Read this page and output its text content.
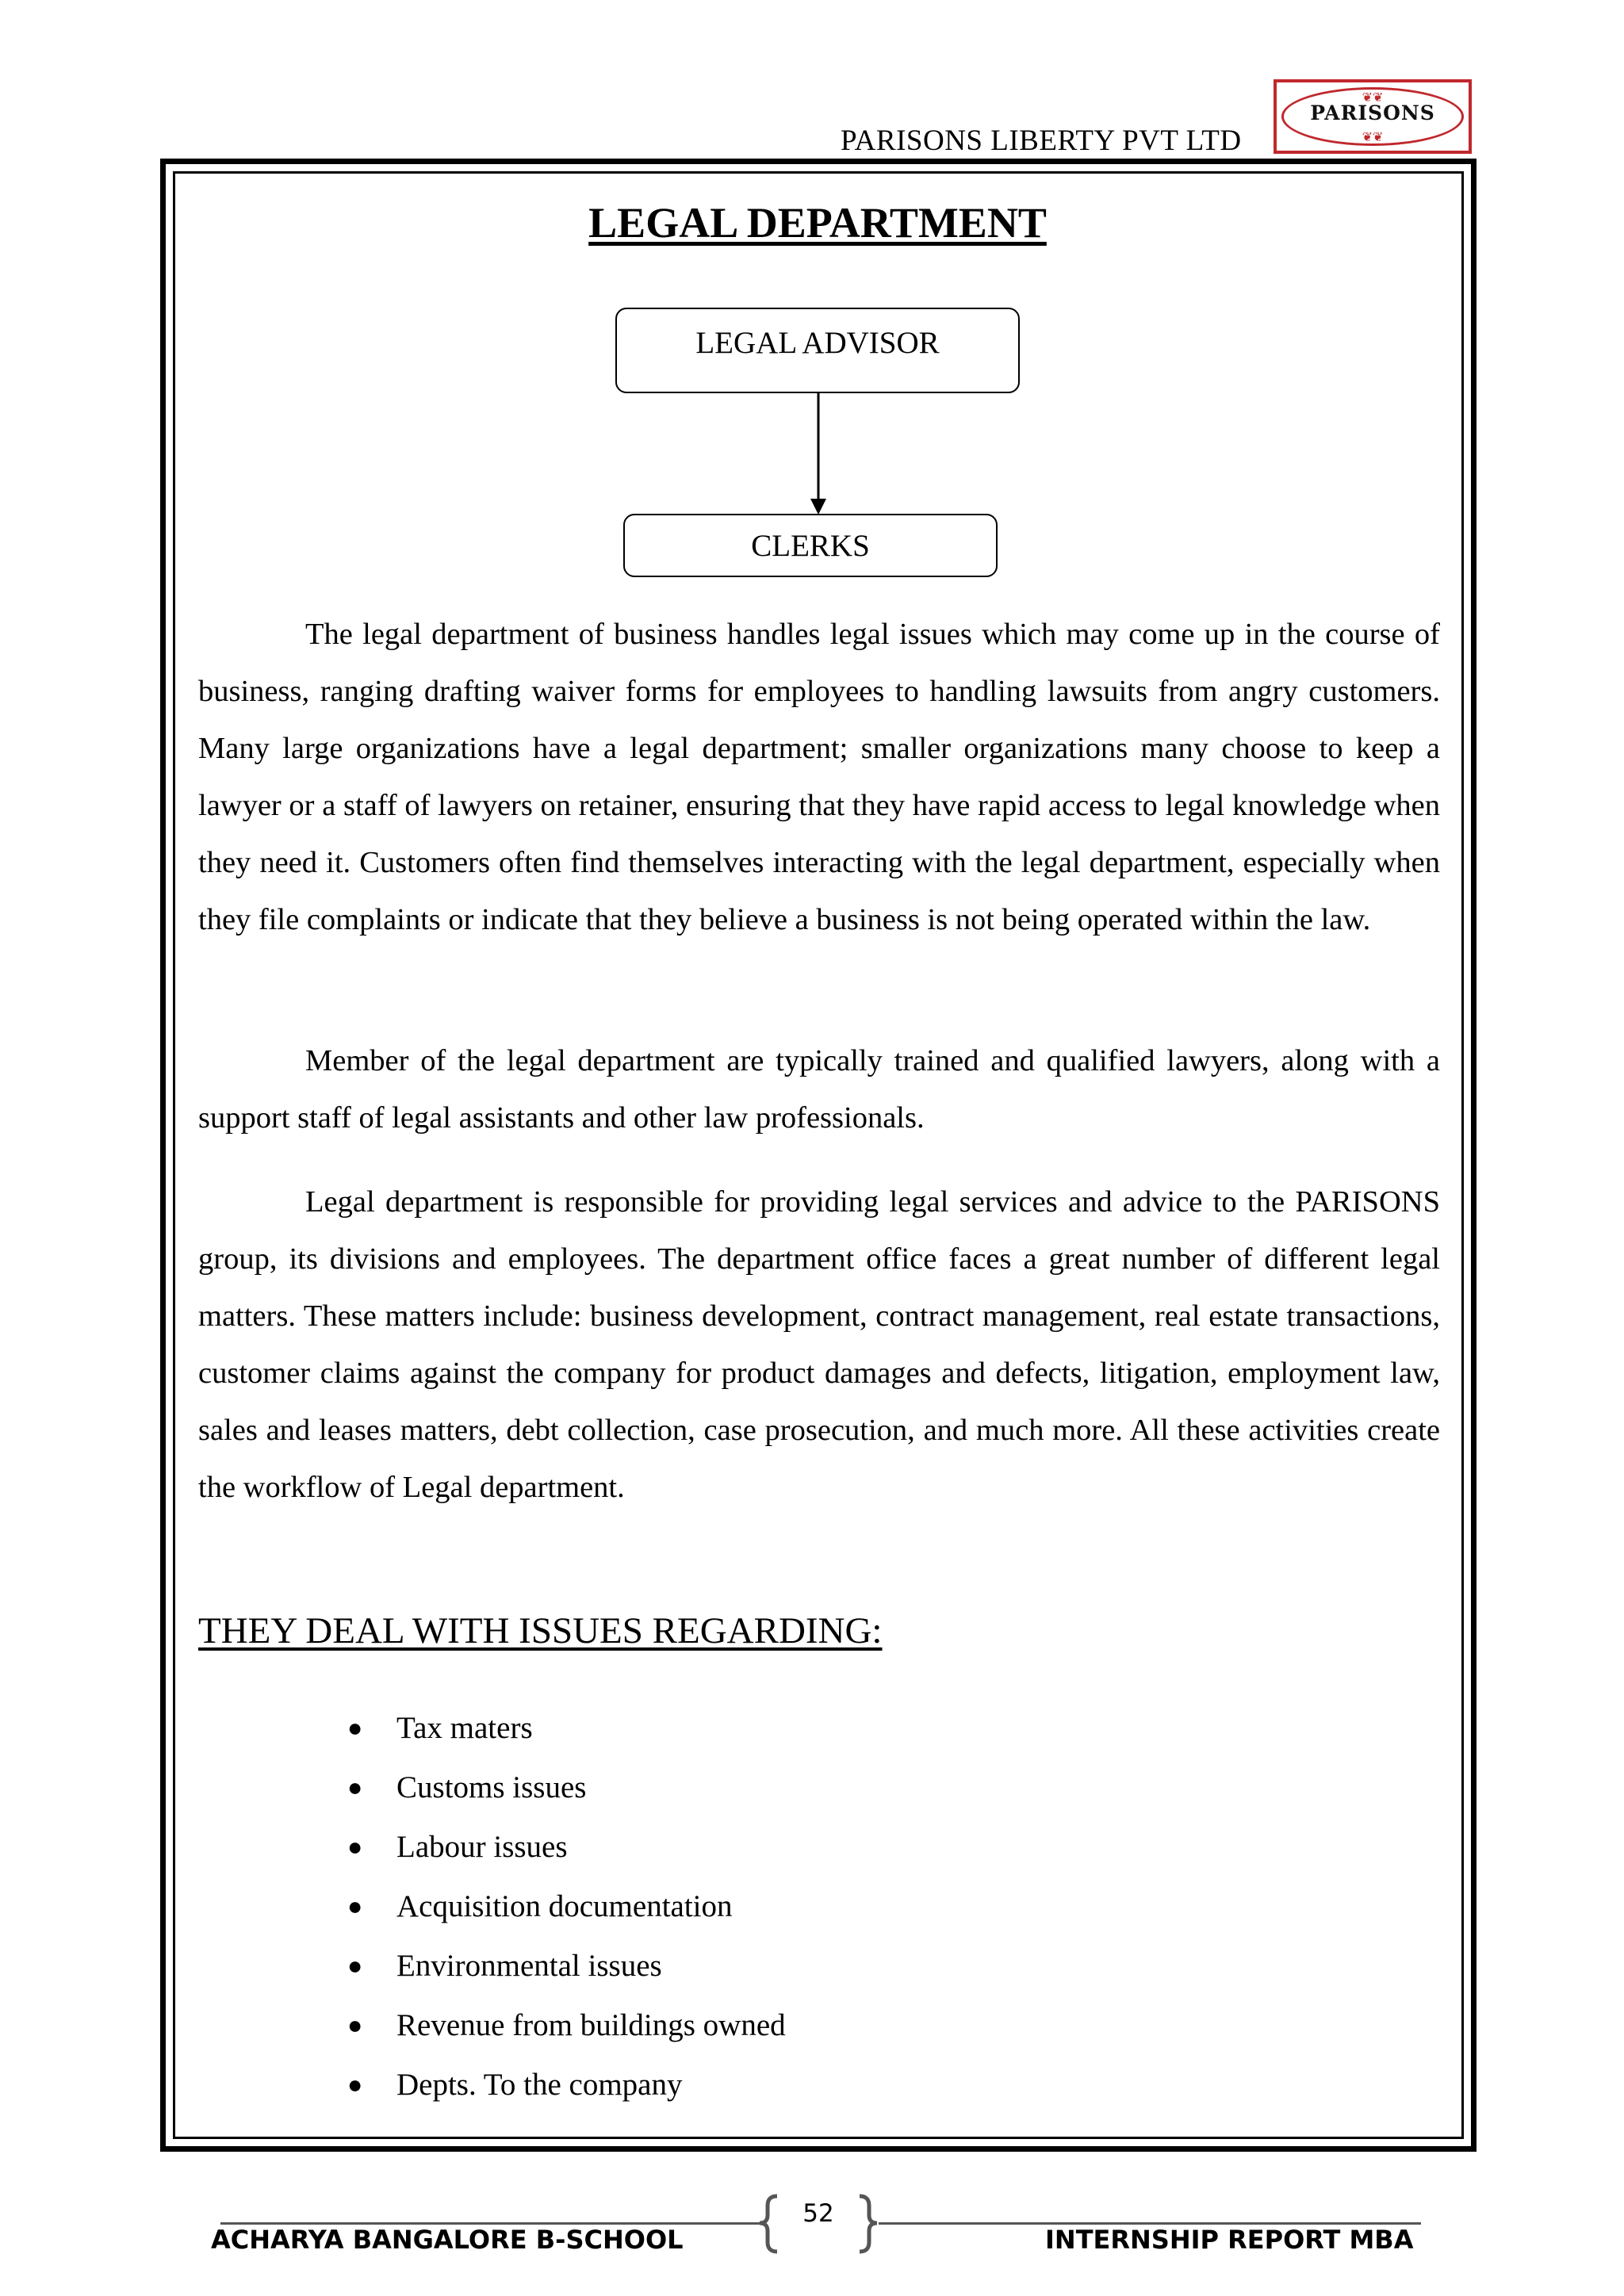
PARISONS LIBERTY PVT LTD
❦❦
PARISONS
❦❦
LEGAL DEPARTMENT
LEGAL ADVISOR
CLERKS
The legal department of business handles legal issues which may come up in the course of business, ranging drafting waiver forms for employees to handling lawsuits from angry customers. Many large organizations have a legal department; smaller organizations many choose to keep a lawyer or a staff of lawyers on retainer, ensuring that they have rapid access to legal knowledge when they need it. Customers often find themselves interacting with the legal department, especially when they file complaints or indicate that they believe a business is not being operated within the law.
Member of the legal department are typically trained and qualified lawyers, along with a support staff of legal assistants and other law professionals.
Legal department is responsible for providing legal services and advice to the PARISONS group, its divisions and employees. The department office faces a great number of different legal matters. These matters include: business development, contract management, real estate transactions, customer claims against the company for product damages and defects, litigation, employment law, sales and leases matters, debt collection, case prosecution, and much more. All these activities create the workflow of Legal department.
THEY DEAL WITH ISSUES REGARDING:
● Tax maters
● Customs issues
● Labour issues
● Acquisition documentation
● Environmental issues
● Revenue from buildings owned
● Depts. To the company
52
ACHARYA BANGALORE B-SCHOOL	INTERNSHIP REPORT MBA
